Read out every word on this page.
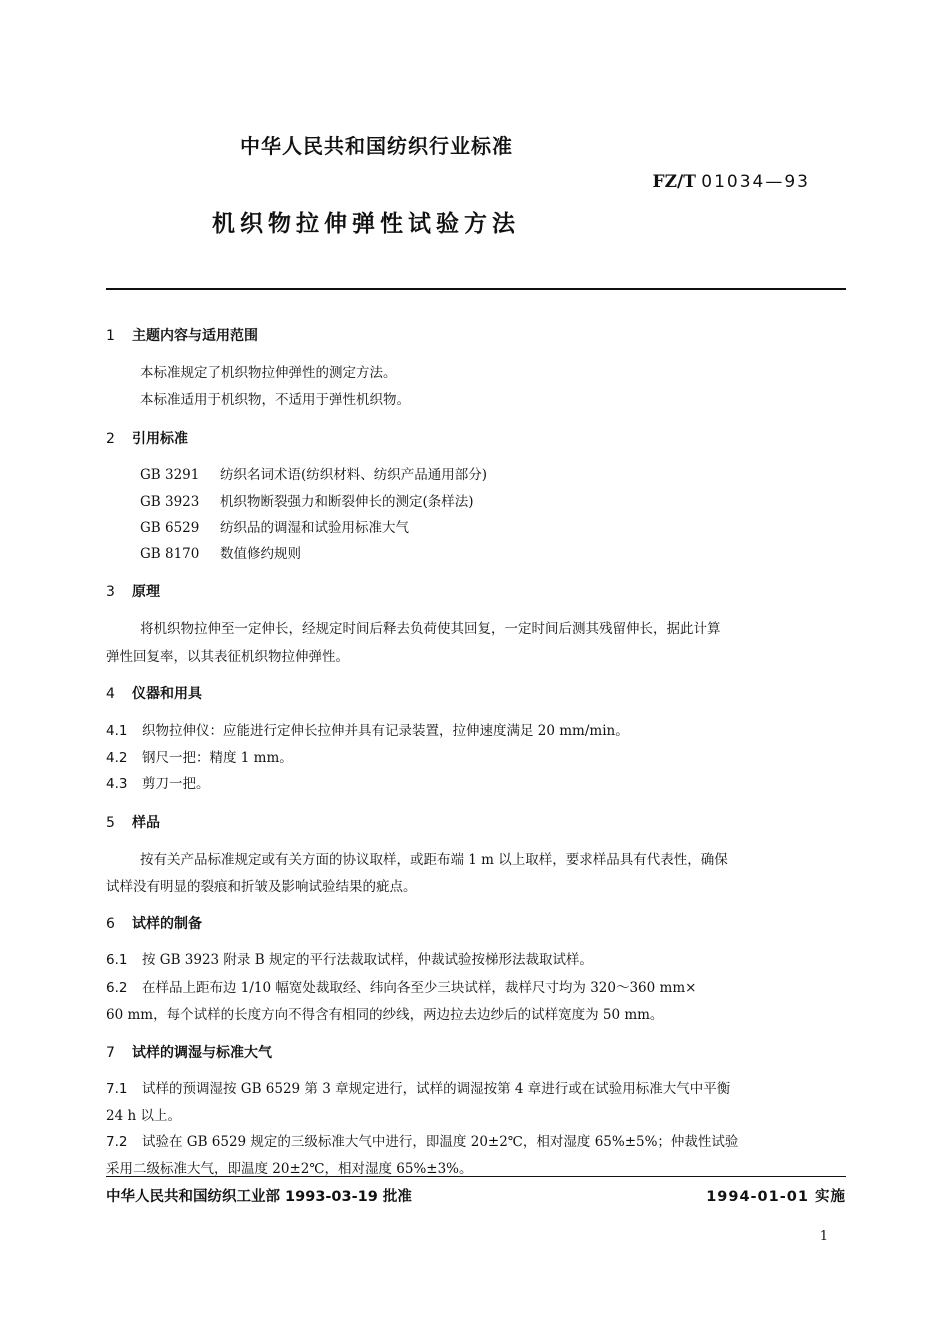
中华人民共和国纺织行业标准
FZ/T 01034—93
机织物拉伸弹性试验方法
1 主题内容与适用范围
本标准规定了机织物拉伸弹性的测定方法。
本标准适用于机织物，不适用于弹性机织物。
2 引用标准
GB 3291 纺织名词术语(纺织材料、纺织产品通用部分)
GB 3923 机织物断裂强力和断裂伸长的测定(条样法)
GB 6529 纺织品的调湿和试验用标准大气
GB 8170 数值修约规则
3 原理
将机织物拉伸至一定伸长，经规定时间后释去负荷使其回复，一定时间后测其残留伸长，据此计算
弹性回复率，以其表征机织物拉伸弹性。
4 仪器和用具
4.1 织物拉伸仪：应能进行定伸长拉伸并具有记录装置，拉伸速度满足 20 mm/min。
4.2 钢尺一把：精度 1 mm。
4.3 剪刀一把。
5 样品
按有关产品标准规定或有关方面的协议取样，或距布端 1 m 以上取样，要求样品具有代表性，确保
试样没有明显的裂痕和折皱及影响试验结果的疵点。
6 试样的制备
6.1 按 GB 3923 附录 B 规定的平行法裁取试样，仲裁试验按梯形法裁取试样。
6.2 在样品上距布边 1/10 幅宽处裁取经、纬向各至少三块试样，裁样尺寸均为 320～360 mm×
60 mm，每个试样的长度方向不得含有相同的纱线，两边拉去边纱后的试样宽度为 50 mm。
7 试样的调湿与标准大气
7.1 试样的预调湿按 GB 6529 第 3 章规定进行，试样的调湿按第 4 章进行或在试验用标准大气中平衡
24 h 以上。
7.2 试验在 GB 6529 规定的三级标准大气中进行，即温度 20±2℃，相对湿度 65%±5%；仲裁性试验
采用二级标准大气，即温度 20±2℃，相对湿度 65%±3%。
中华人民共和国纺织工业部 1993-03-19 批准	1994-01-01 实施
1
